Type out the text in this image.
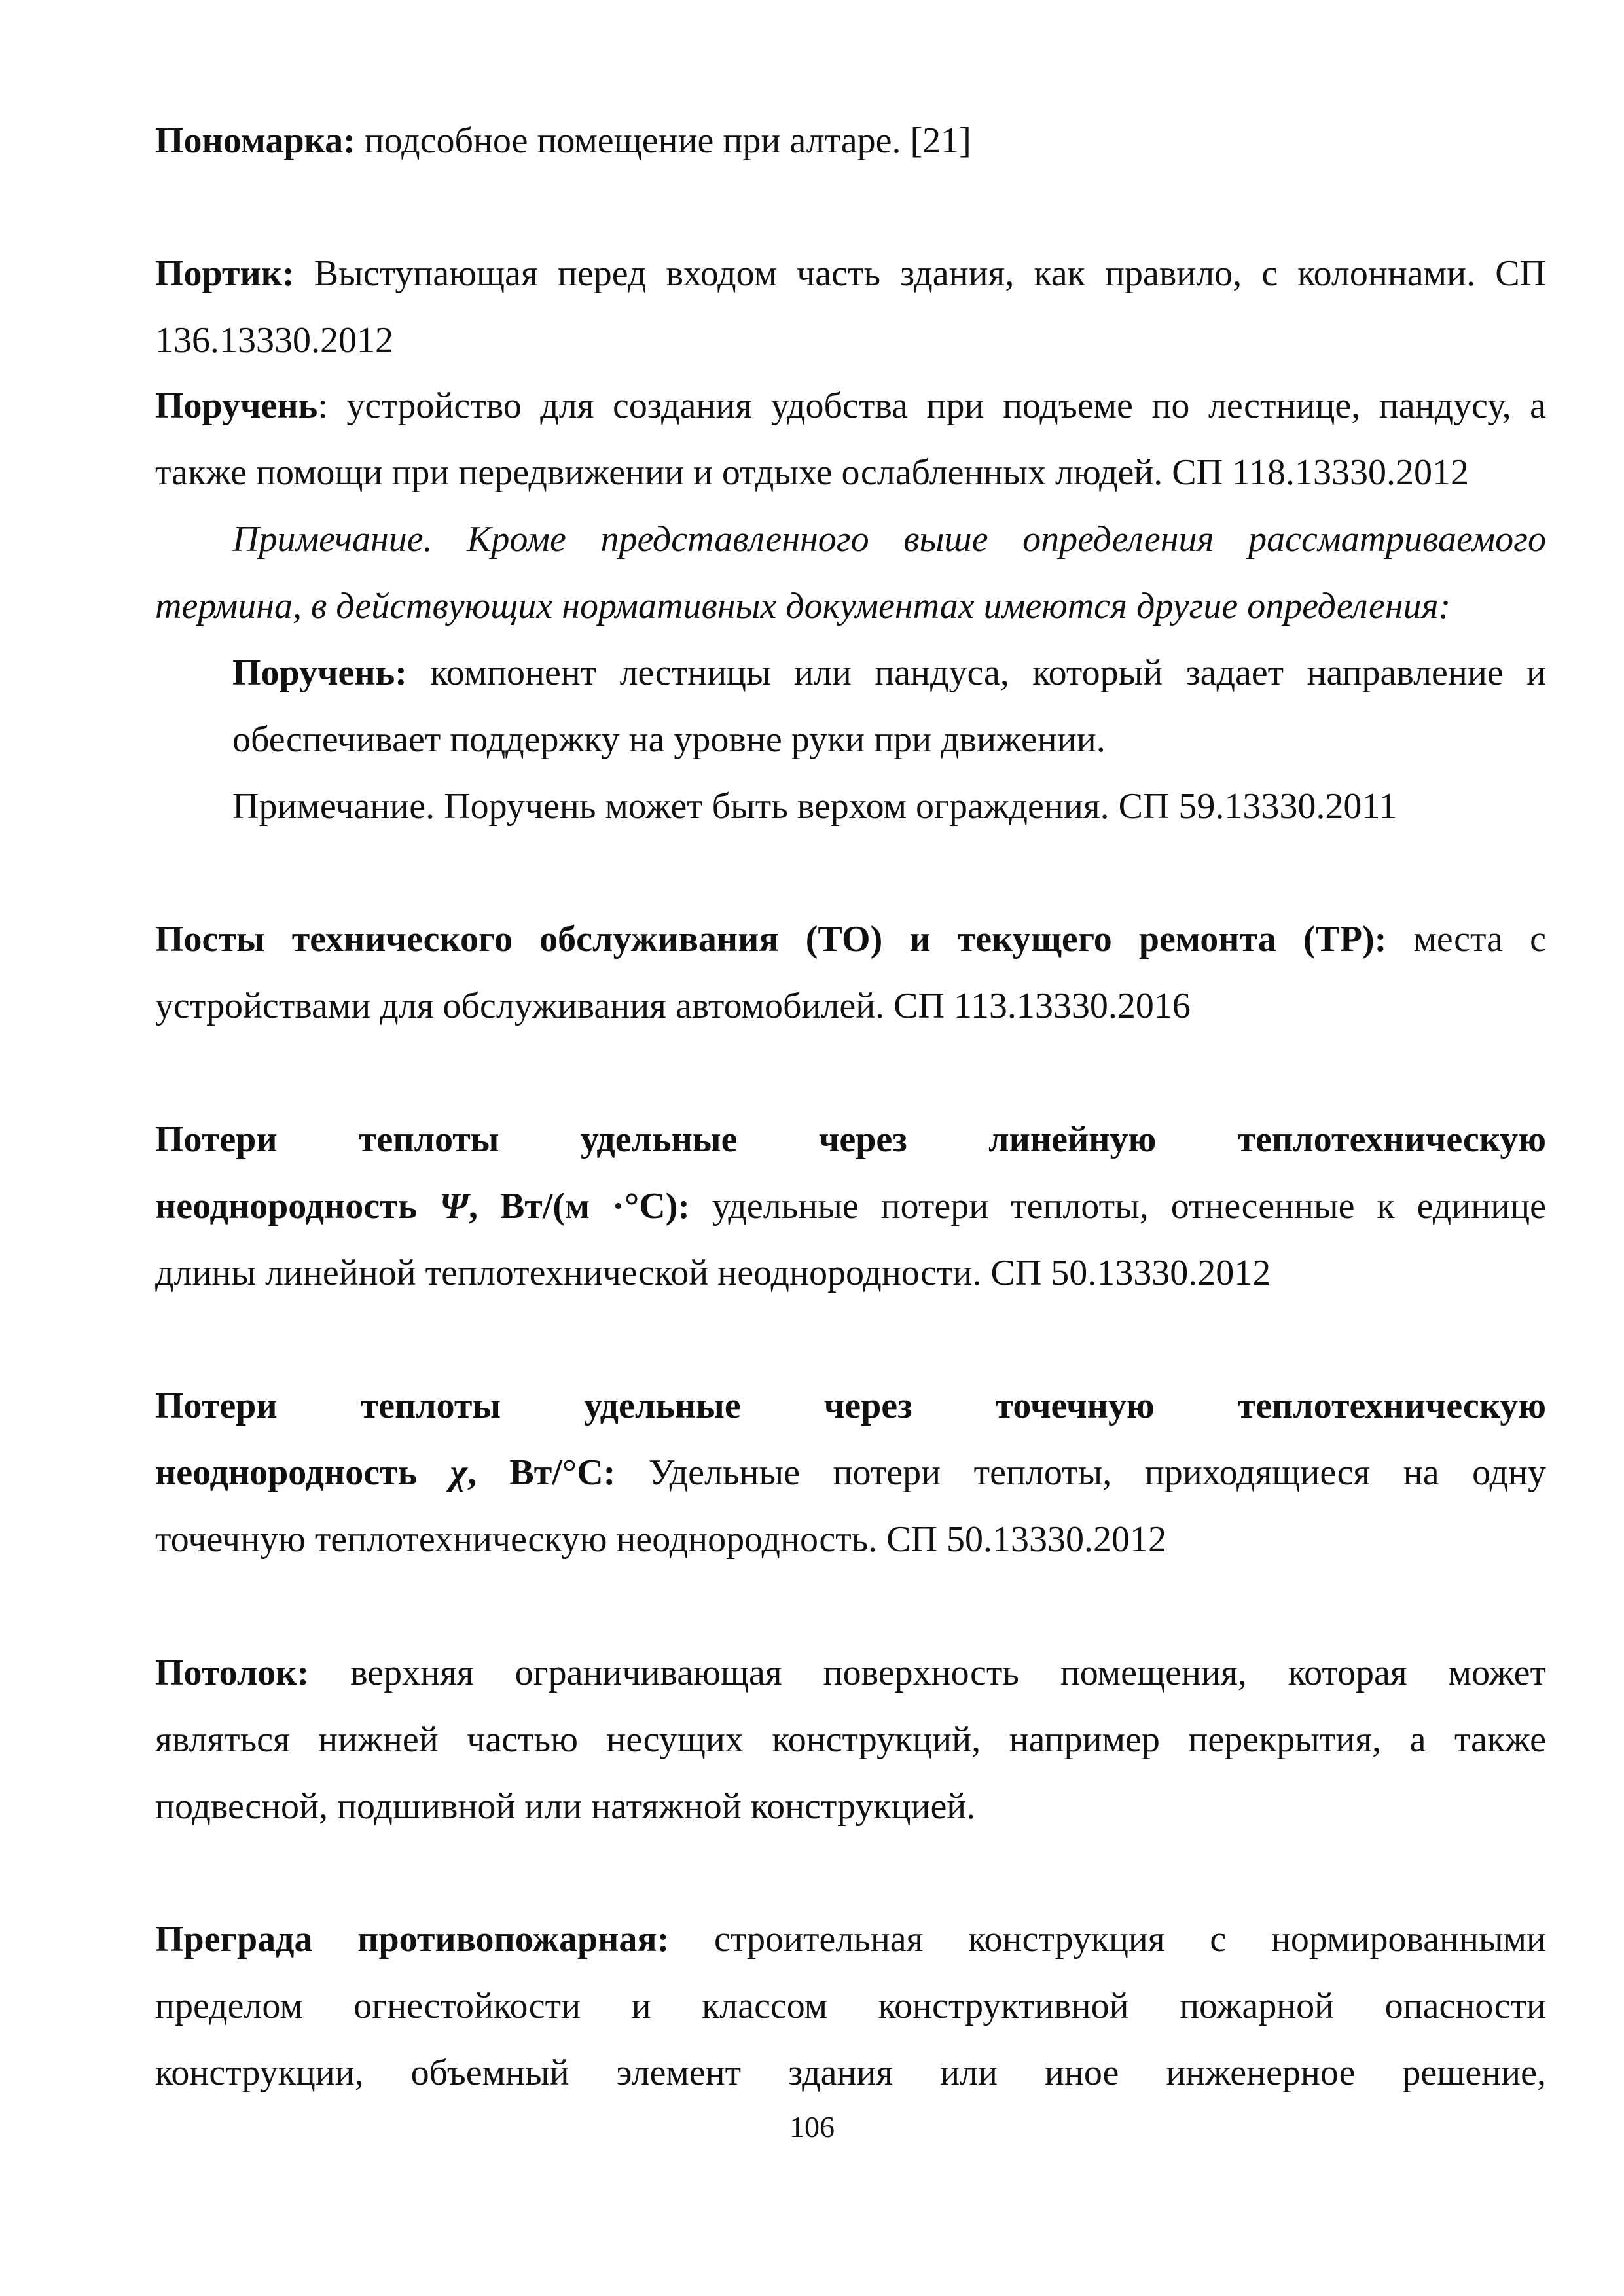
Пономарка: подсобное помещение при алтаре. [21]
Портик: Выступающая перед входом часть здания, как правило, с колоннами. СП
136.13330.2012
Поручень: устройство для создания удобства при подъеме по лестнице, пандусу, а
также помощи при передвижении и отдыхе ослабленных людей. СП 118.13330.2012
Примечание. Кроме представленного выше определения рассматриваемого
термина, в действующих нормативных документах имеются другие определения:
Поручень: компонент лестницы или пандуса, который задает направление и
обеспечивает поддержку на уровне руки при движении.
Примечание. Поручень может быть верхом ограждения. СП 59.13330.2011
Посты технического обслуживания (ТО) и текущего ремонта (ТР): места с
устройствами для обслуживания автомобилей. СП 113.13330.2016
Потери теплоты удельные через линейную теплотехническую
неоднородность Ψ, Вт/(м ·°С): удельные потери теплоты, отнесенные к единице
длины линейной теплотехнической неоднородности. СП 50.13330.2012
Потери теплоты удельные через точечную теплотехническую
неоднородность χ, Вт/°С: Удельные потери теплоты, приходящиеся на одну
точечную теплотехническую неоднородность. СП 50.13330.2012
Потолок: верхняя ограничивающая поверхность помещения, которая может
являться нижней частью несущих конструкций, например перекрытия, а также
подвесной, подшивной или натяжной конструкцией.
Преграда противопожарная: строительная конструкция с нормированными
пределом огнестойкости и классом конструктивной пожарной опасности
конструкции, объемный элемент здания или иное инженерное решение,
106
